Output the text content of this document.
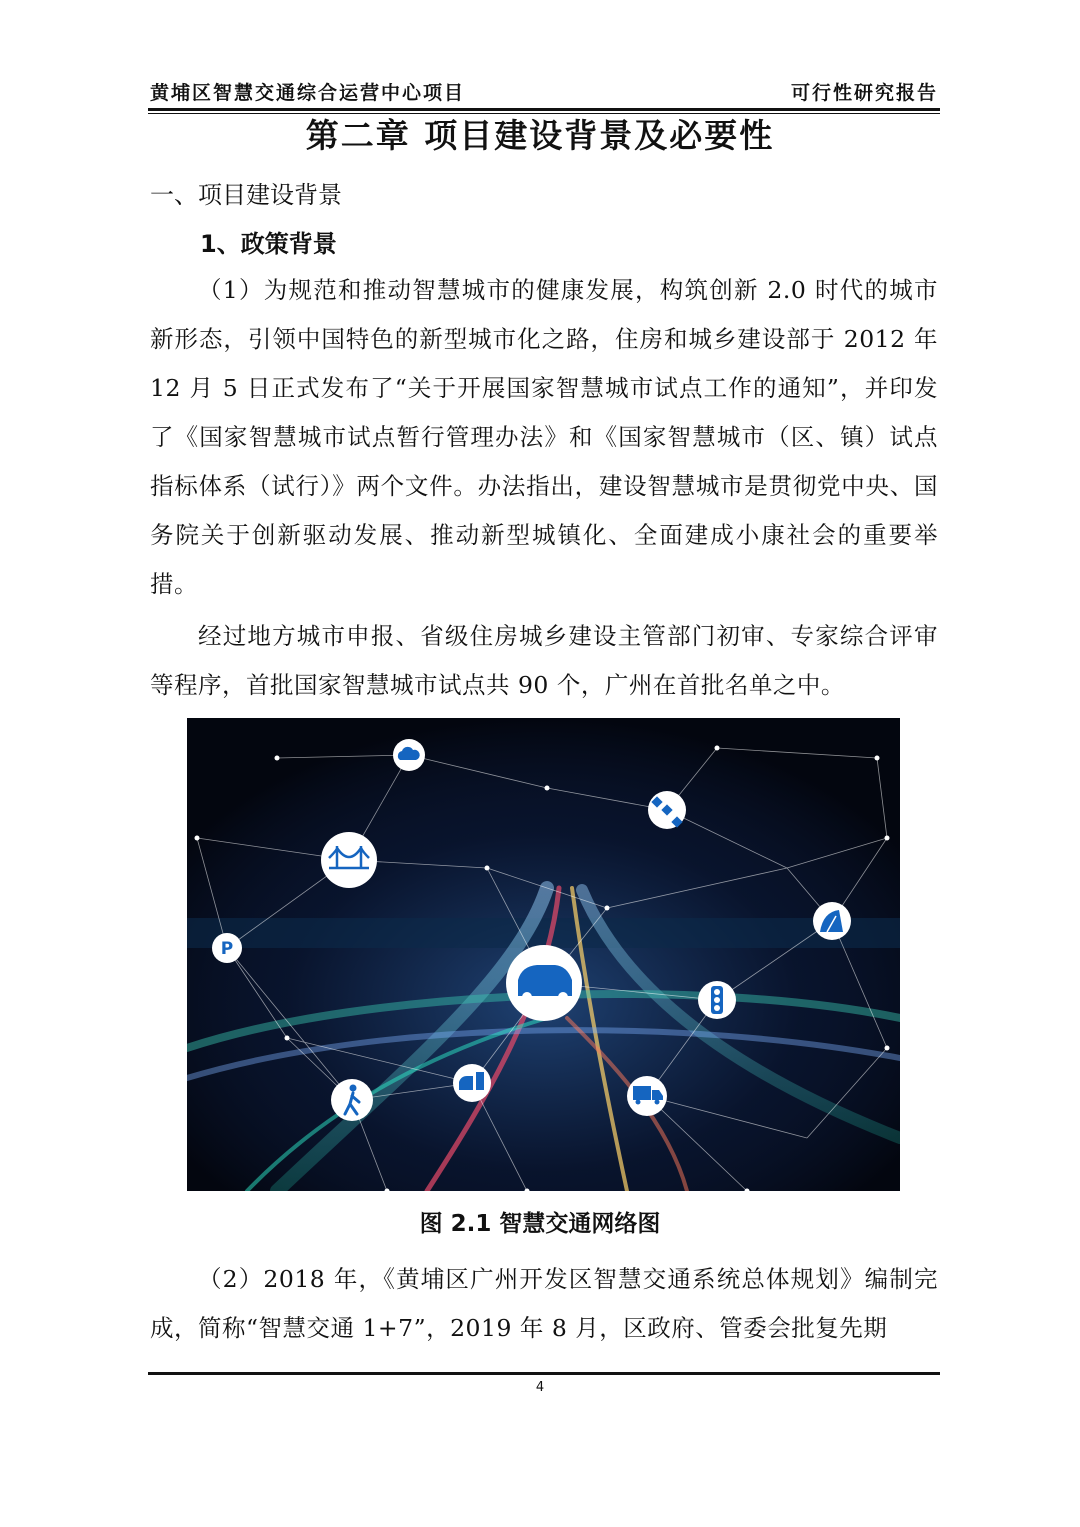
黄埔区智慧交通综合运营中心项目	可行性研究报告
第二章 项目建设背景及必要性
一、项目建设背景
1、政策背景
（1）为规范和推动智慧城市的健康发展，构筑创新 2.0 时代的城市新形态，引领中国特色的新型城市化之路，住房和城乡建设部于 2012 年 12 月 5 日正式发布了“关于开展国家智慧城市试点工作的通知”，并印发了《国家智慧城市试点暂行管理办法》和《国家智慧城市（区、镇）试点指标体系（试行）》两个文件。办法指出，建设智慧城市是贯彻党中央、国务院关于创新驱动发展、推动新型城镇化、全面建成小康社会的重要举措。
经过地方城市申报、省级住房城乡建设主管部门初审、专家综合评审等程序，首批国家智慧城市试点共 90 个，广州在首批名单之中。
P
图 2.1 智慧交通网络图
（2）2018 年，《黄埔区广州开发区智慧交通系统总体规划》编制完成，简称“智慧交通 1+7”，2019 年 8 月，区政府、管委会批复先期
4
